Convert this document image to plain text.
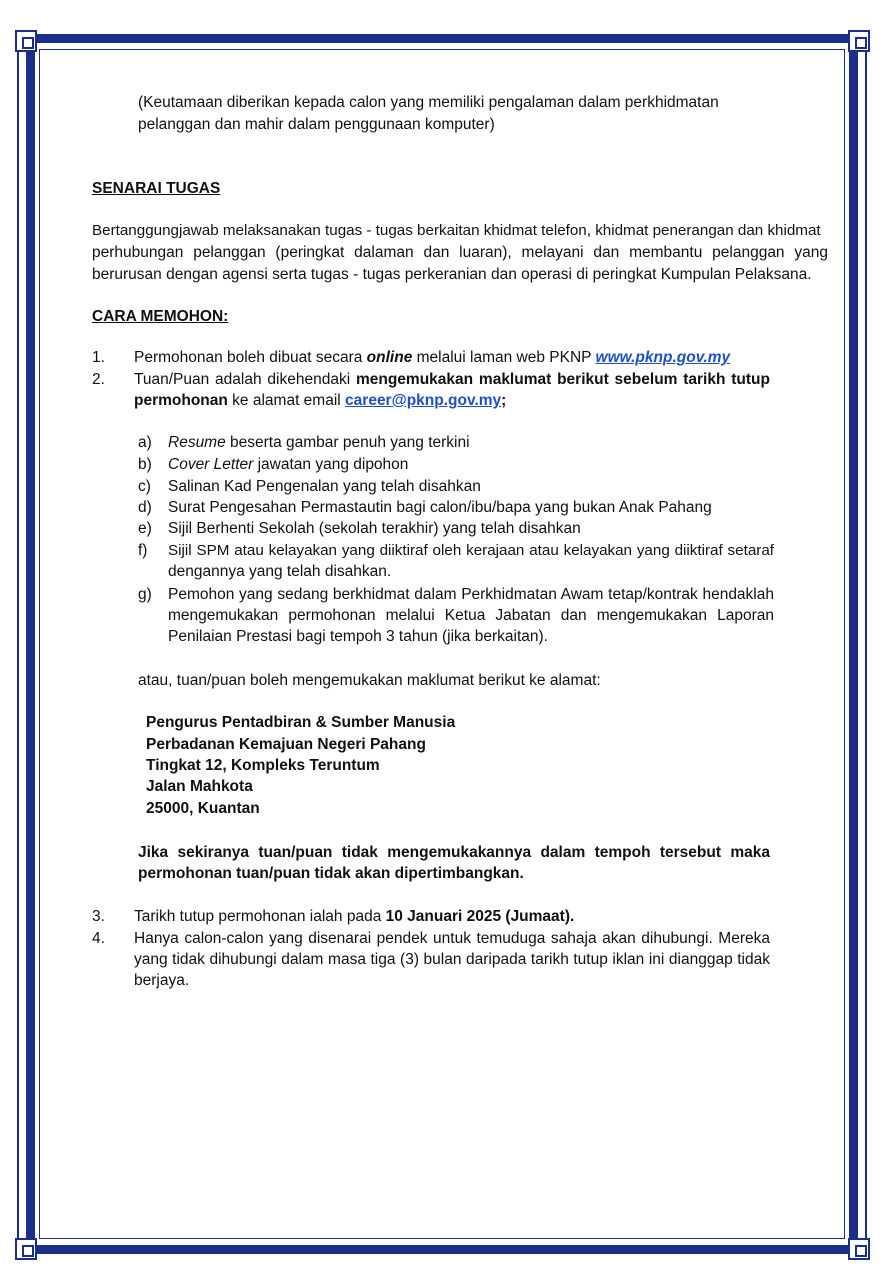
(Keutamaan diberikan kepada calon yang memiliki pengalaman dalam perkhidmatan
pelanggan dan mahir dalam penggunaan komputer)
SENARAI TUGAS
Bertanggungjawab melaksanakan tugas - tugas berkaitan khidmat telefon, khidmat penerangan dan khidmat
perhubungan pelanggan (peringkat dalaman dan luaran), melayani dan membantu pelanggan yang
berurusan dengan agensi serta tugas - tugas perkeranian dan operasi di peringkat Kumpulan Pelaksana.
CARA MEMOHON:
1.	Permohonan boleh dibuat secara online melalui laman web PKNP www.pknp.gov.my
2.	Tuan/Puan adalah dikehendaki mengemukakan maklumat berikut sebelum tarikh tutup
permohonan ke alamat email career@pknp.gov.my;
a)	Resume beserta gambar penuh yang terkini
b)	Cover Letter jawatan yang dipohon
c)	Salinan Kad Pengenalan yang telah disahkan
d)	Surat Pengesahan Permastautin bagi calon/ibu/bapa yang bukan Anak Pahang
e)	Sijil Berhenti Sekolah (sekolah terakhir) yang telah disahkan
f)	Sijil SPM atau kelayakan yang diiktiraf oleh kerajaan atau kelayakan yang diiktiraf setaraf
dengannya yang telah disahkan.
g)	Pemohon yang sedang berkhidmat dalam Perkhidmatan Awam tetap/kontrak hendaklah
mengemukakan permohonan melalui Ketua Jabatan dan mengemukakan Laporan
Penilaian Prestasi bagi tempoh 3 tahun (jika berkaitan).
atau, tuan/puan boleh mengemukakan maklumat berikut ke alamat:
Pengurus Pentadbiran & Sumber Manusia
Perbadanan Kemajuan Negeri Pahang
Tingkat 12, Kompleks Teruntum
Jalan Mahkota
25000, Kuantan
Jika sekiranya tuan/puan tidak mengemukakannya dalam tempoh tersebut maka
permohonan tuan/puan tidak akan dipertimbangkan.
3.	Tarikh tutup permohonan ialah pada 10 Januari 2025 (Jumaat).
4.	Hanya calon-calon yang disenarai pendek untuk temuduga sahaja akan dihubungi. Mereka
yang tidak dihubungi dalam masa tiga (3) bulan daripada tarikh tutup iklan ini dianggap tidak
berjaya.
